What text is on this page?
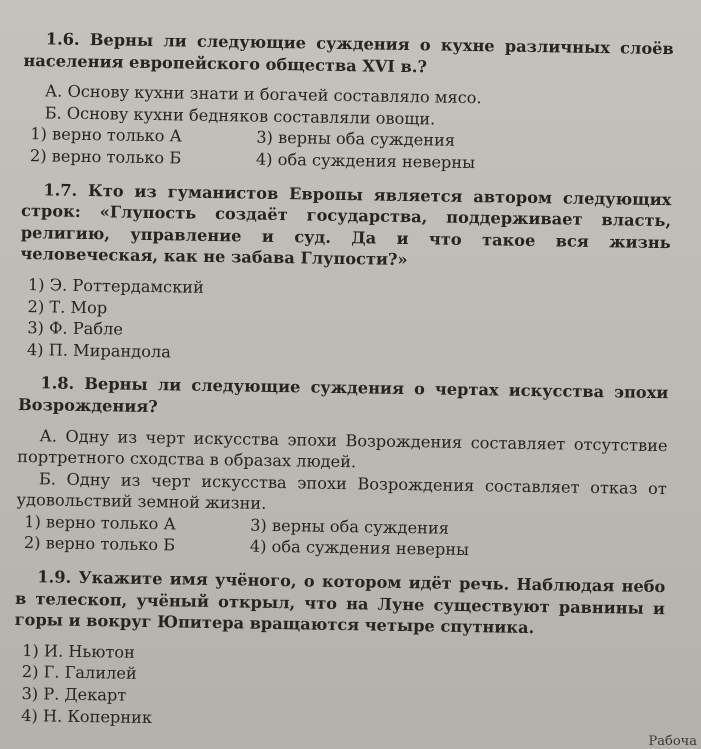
1.6. Верны ли следующие суждения о кухне различных слоёв населения европейского общества XVI в.?

А. Основу кухни знати и богачей составляло мясо.

Б. Основу кухни бедняков составляли овощи.

1) верно только А	3) верны оба суждения
2) верно только Б	4) оба суждения неверны

1.7. Кто из гуманистов Европы является автором следующих строк: «Глупость создаёт государства, поддерживает власть, религию, управление и суд. Да и что такое вся жизнь человеческая, как не забава Глупости?»

1) Э. Роттердамский
2) Т. Мор
3) Ф. Рабле
4) П. Мирандола

1.8. Верны ли следующие суждения о чертах искусства эпохи Возрождения?

А. Одну из черт искусства эпохи Возрождения составляет отсутствие портретного сходства в образах людей.

Б. Одну из черт искусства эпохи Возрождения составляет отказ от удовольствий земной жизни.

1) верно только А	3) верны оба суждения
2) верно только Б	4) оба суждения неверны

1.9. Укажите имя учёного, о котором идёт речь. Наблюдая небо в телескоп, учёный открыл, что на Луне существуют равнины и горы и вокруг Юпитера вращаются четыре спутника.

1) И. Ньютон
2) Г. Галилей
3) Р. Декарт
4) Н. Коперник
Рабоча
